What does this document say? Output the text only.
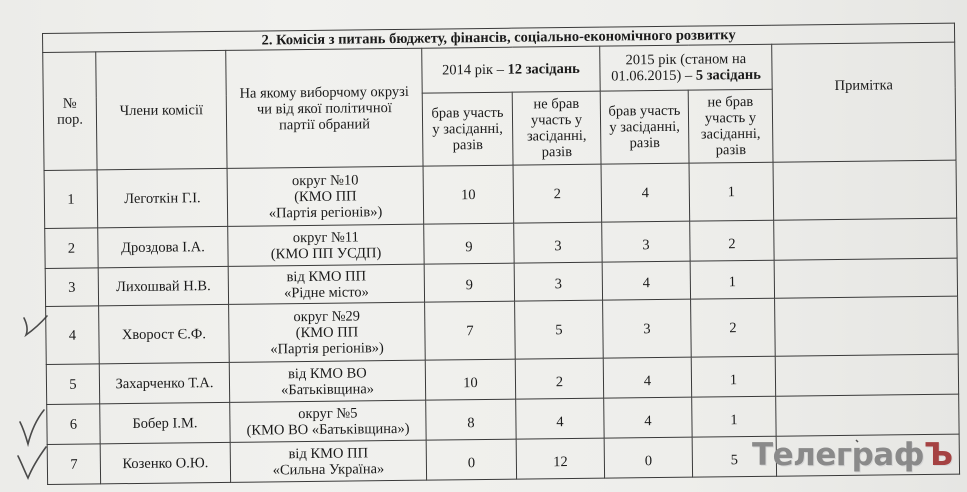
2. Комісія з питань бюджету, фінансів, соціально-економічного розвитку							
№
пор.	Члени комісії	На якому виборчому окрузі
чи від якої політичної
партії обраний	2014 рік – 12 засідань		2015 рік (станом на
01.06.2015) – 5 засідань		Примітка
			брав участь
у засіданні,
разів	не брав
участь у
засіданні,
разів	брав участь
у засіданні,
разів	не брав
участь у
засіданні,
разів	
1	Леготкін Г.І.	округ №10
(КМО ПП
«Партія регіонів»)	10	2	4	1	
2	Дроздова І.А.	округ №11
(КМО ПП УСДП)	9	3	3	2	
3	Лихошвай Н.В.	від КМО ПП
«Рідне місто»	9	3	4	1	
4	Хворост Є.Ф.	округ №29
(КМО ПП
«Партія регіонів»)	7	5	3	2	
5	Захарченко Т.А.	від КМО ВО
«Батьківщина»	10	2	4	1	
6	Бобер І.М.	округ №5
(КМО ВО «Батьківщина»)	8	4	4	1	
7	Козенко О.Ю.	від КМО ПП
«Сильна Україна»	0	12	0	5	ТелеграфЪ
